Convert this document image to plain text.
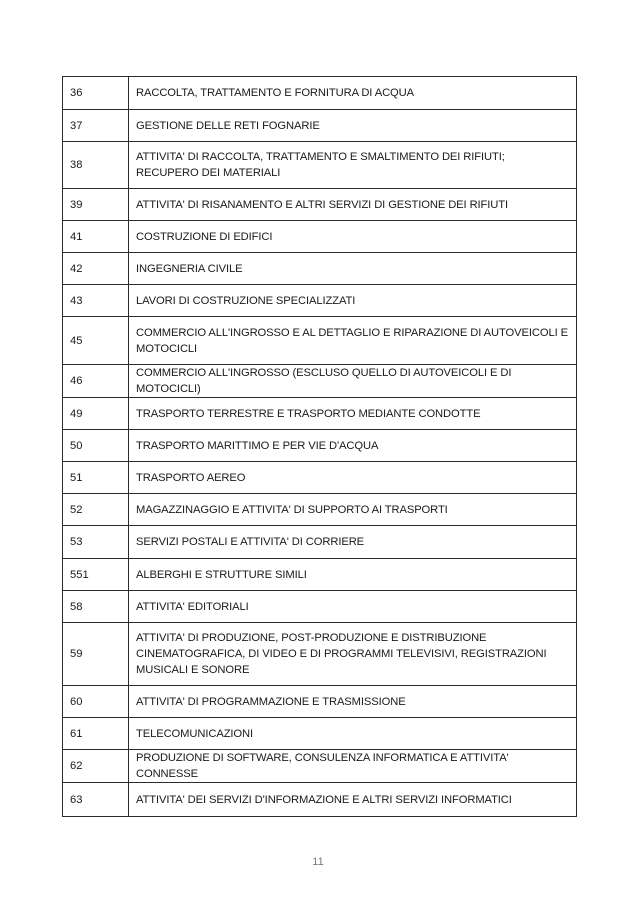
36	RACCOLTA, TRATTAMENTO E FORNITURA DI ACQUA
37	GESTIONE DELLE RETI FOGNARIE
38	ATTIVITA' DI RACCOLTA, TRATTAMENTO E SMALTIMENTO DEI RIFIUTI; RECUPERO DEI MATERIALI
39	ATTIVITA' DI RISANAMENTO E ALTRI SERVIZI DI GESTIONE DEI RIFIUTI
41	COSTRUZIONE DI EDIFICI
42	INGEGNERIA CIVILE
43	LAVORI DI COSTRUZIONE SPECIALIZZATI
45	COMMERCIO ALL'INGROSSO E AL DETTAGLIO E RIPARAZIONE DI AUTOVEICOLI E MOTOCICLI
46	COMMERCIO ALL'INGROSSO (ESCLUSO QUELLO DI AUTOVEICOLI E DI MOTOCICLI)
49	TRASPORTO TERRESTRE E TRASPORTO MEDIANTE CONDOTTE
50	TRASPORTO MARITTIMO E PER VIE D'ACQUA
51	TRASPORTO AEREO
52	MAGAZZINAGGIO E ATTIVITA' DI SUPPORTO AI TRASPORTI
53	SERVIZI POSTALI E ATTIVITA' DI CORRIERE
551	ALBERGHI E STRUTTURE SIMILI
58	ATTIVITA' EDITORIALI
59	ATTIVITA' DI PRODUZIONE, POST-PRODUZIONE E DISTRIBUZIONE CINEMATOGRAFICA, DI VIDEO E DI PROGRAMMI TELEVISIVI, REGISTRAZIONI MUSICALI E SONORE
60	ATTIVITA' DI PROGRAMMAZIONE E TRASMISSIONE
61	TELECOMUNICAZIONI
62	PRODUZIONE DI SOFTWARE, CONSULENZA INFORMATICA E ATTIVITA' CONNESSE
63	ATTIVITA' DEI SERVIZI D'INFORMAZIONE E ALTRI SERVIZI INFORMATICI
11
